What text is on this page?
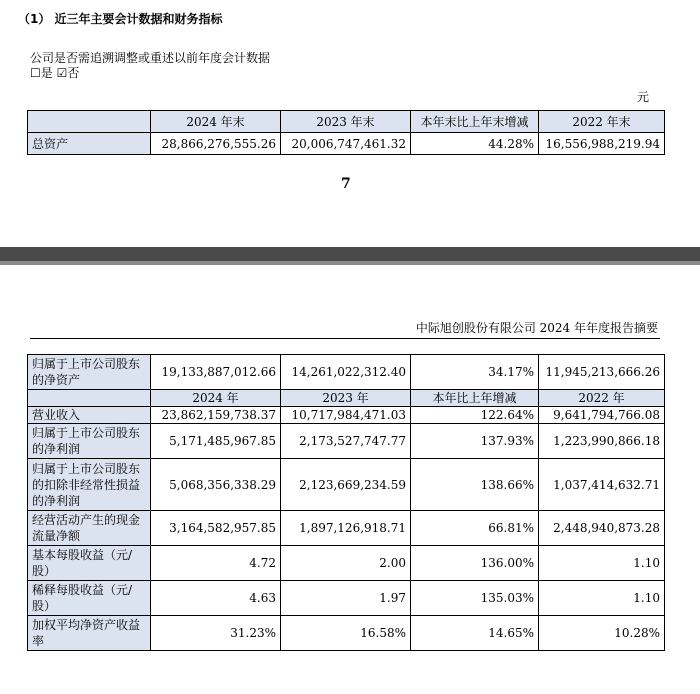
（1） 近三年主要会计数据和财务指标
公司是否需追溯调整或重述以前年度会计数据
☐是 ☑否
元
	2024 年末	2023 年末	本年末比上年末增减	2022 年末
总资产	28,866,276,555.26	20,006,747,461.32	44.28%	16,556,988,219.94
7
中际旭创股份有限公司 2024 年年度报告摘要
归属于上市公司股东的净资产	19,133,887,012.66	14,261,022,312.40	34.17%	11,945,213,666.26
	2024 年	2023 年	本年比上年增减	2022 年
营业收入	23,862,159,738.37	10,717,984,471.03	122.64%	9,641,794,766.08
归属于上市公司股东的净利润	5,171,485,967.85	2,173,527,747.77	137.93%	1,223,990,866.18
归属于上市公司股东的扣除非经常性损益的净利润	5,068,356,338.29	2,123,669,234.59	138.66%	1,037,414,632.71
经营活动产生的现金流量净额	3,164,582,957.85	1,897,126,918.71	66.81%	2,448,940,873.28
基本每股收益（元/股）	4.72	2.00	136.00%	1.10
稀释每股收益（元/股）	4.63	1.97	135.03%	1.10
加权平均净资产收益率	31.23%	16.58%	14.65%	10.28%
